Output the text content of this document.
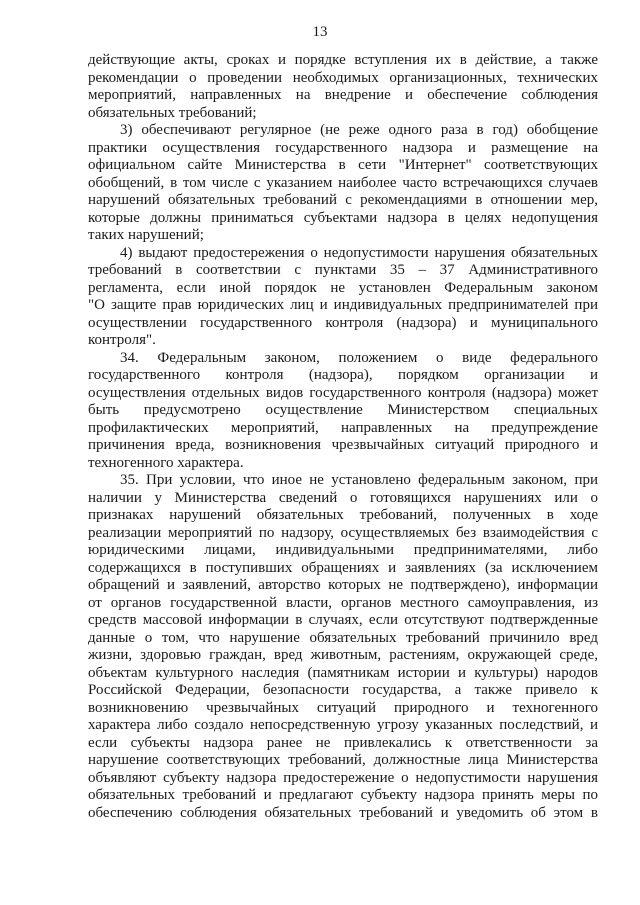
13
действующие акты, сроках и порядке вступления их в действие, а также
рекомендации о проведении необходимых организационных, технических
мероприятий, направленных на внедрение и обеспечение соблюдения
обязательных требований;
3) обеспечивают регулярное (не реже одного раза в год) обобщение
практики осуществления государственного надзора и размещение на
официальном сайте Министерства в сети "Интернет" соответствующих
обобщений, в том числе с указанием наиболее часто встречающихся случаев
нарушений обязательных требований с рекомендациями в отношении мер,
которые должны приниматься субъектами надзора в целях недопущения
таких нарушений;
4) выдают предостережения о недопустимости нарушения обязательных
требований в соответствии с пунктами 35 – 37 Административного
регламента, если иной порядок не установлен Федеральным законом
"О защите прав юридических лиц и индивидуальных предпринимателей при
осуществлении государственного контроля (надзора) и муниципального
контроля".
34. Федеральным законом, положением о виде федерального
государственного контроля (надзора), порядком организации и
осуществления отдельных видов государственного контроля (надзора) может
быть предусмотрено осуществление Министерством специальных
профилактических мероприятий, направленных на предупреждение
причинения вреда, возникновения чрезвычайных ситуаций природного и
техногенного характера.
35. При условии, что иное не установлено федеральным законом, при
наличии у Министерства сведений о готовящихся нарушениях или о
признаках нарушений обязательных требований, полученных в ходе
реализации мероприятий по надзору, осуществляемых без взаимодействия с
юридическими лицами, индивидуальными предпринимателями, либо
содержащихся в поступивших обращениях и заявлениях (за исключением
обращений и заявлений, авторство которых не подтверждено), информации
от органов государственной власти, органов местного самоуправления, из
средств массовой информации в случаях, если отсутствуют подтвержденные
данные о том, что нарушение обязательных требований причинило вред
жизни, здоровью граждан, вред животным, растениям, окружающей среде,
объектам культурного наследия (памятникам истории и культуры) народов
Российской Федерации, безопасности государства, а также привело к
возникновению чрезвычайных ситуаций природного и техногенного
характера либо создало непосредственную угрозу указанных последствий, и
если субъекты надзора ранее не привлекались к ответственности за
нарушение соответствующих требований, должностные лица Министерства
объявляют субъекту надзора предостережение о недопустимости нарушения
обязательных требований и предлагают субъекту надзора принять меры по
обеспечению соблюдения обязательных требований и уведомить об этом в
